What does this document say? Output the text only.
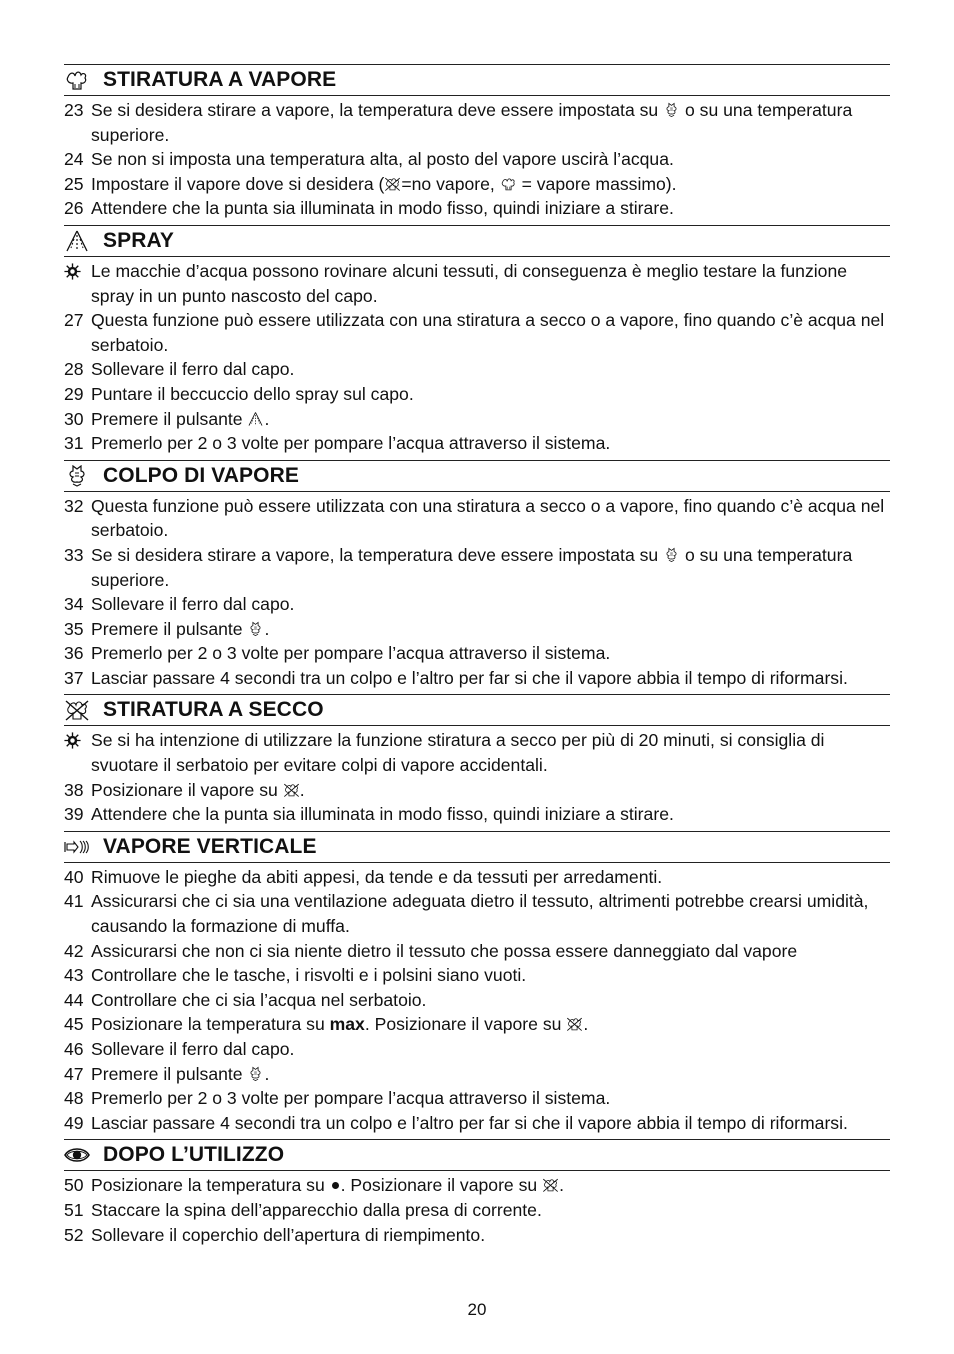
STIRATURA A VAPORE
23 Se si desidera stirare a vapore, la temperatura deve essere impostata su o su una temperatura superiore.
24 Se non si imposta una temperatura alta, al posto del vapore uscirà l’acqua.
25 Impostare il vapore dove si desidera ( =no vapore, = vapore massimo).
26 Attendere che la punta sia illuminata in modo fisso, quindi iniziare a stirare.
SPRAY
Le macchie d’acqua possono rovinare alcuni tessuti, di conseguenza è meglio testare la funzione spray in un punto nascosto del capo.
27 Questa funzione può essere utilizzata con una stiratura a secco o a vapore, fino quando c’è acqua nel serbatoio.
28 Sollevare il ferro dal capo.
29 Puntare il beccuccio dello spray sul capo.
30 Premere il pulsante .
31 Premerlo per 2 o 3 volte per pompare l’acqua attraverso il sistema.
COLPO DI VAPORE
32 Questa funzione può essere utilizzata con una stiratura a secco o a vapore, fino quando c’è acqua nel serbatoio.
33 Se si desidera stirare a vapore, la temperatura deve essere impostata su o su una temperatura superiore.
34 Sollevare il ferro dal capo.
35 Premere il pulsante .
36 Premerlo per 2 o 3 volte per pompare l’acqua attraverso il sistema.
37 Lasciar passare 4 secondi tra un colpo e l’altro per far si che il vapore abbia il tempo di riformarsi.
STIRATURA A SECCO
Se si ha intenzione di utilizzare la funzione stiratura a secco per più di 20 minuti, si consiglia di svuotare il serbatoio per evitare colpi di vapore accidentali.
38 Posizionare il vapore su .
39 Attendere che la punta sia illuminata in modo fisso, quindi iniziare a stirare.
VAPORE VERTICALE
40 Rimuove le pieghe da abiti appesi, da tende e da tessuti per arredamenti.
41 Assicurarsi che ci sia una ventilazione adeguata dietro il tessuto, altrimenti potrebbe crearsi umidità, causando la formazione di muffa.
42 Assicurarsi che non ci sia niente dietro il tessuto che possa essere danneggiato dal vapore
43 Controllare che le tasche, i risvolti e i polsini siano vuoti.
44 Controllare che ci sia l’acqua nel serbatoio.
45 Posizionare la temperatura su max. Posizionare il vapore su .
46 Sollevare il ferro dal capo.
47 Premere il pulsante .
48 Premerlo per 2 o 3 volte per pompare l’acqua attraverso il sistema.
49 Lasciar passare 4 secondi tra un colpo e l’altro per far si che il vapore abbia il tempo di riformarsi.
DOPO L’UTILIZZO
50 Posizionare la temperatura su . Posizionare il vapore su .
51 Staccare la spina dell’apparecchio dalla presa di corrente.
52 Sollevare il coperchio dell’apertura di riempimento.
20
